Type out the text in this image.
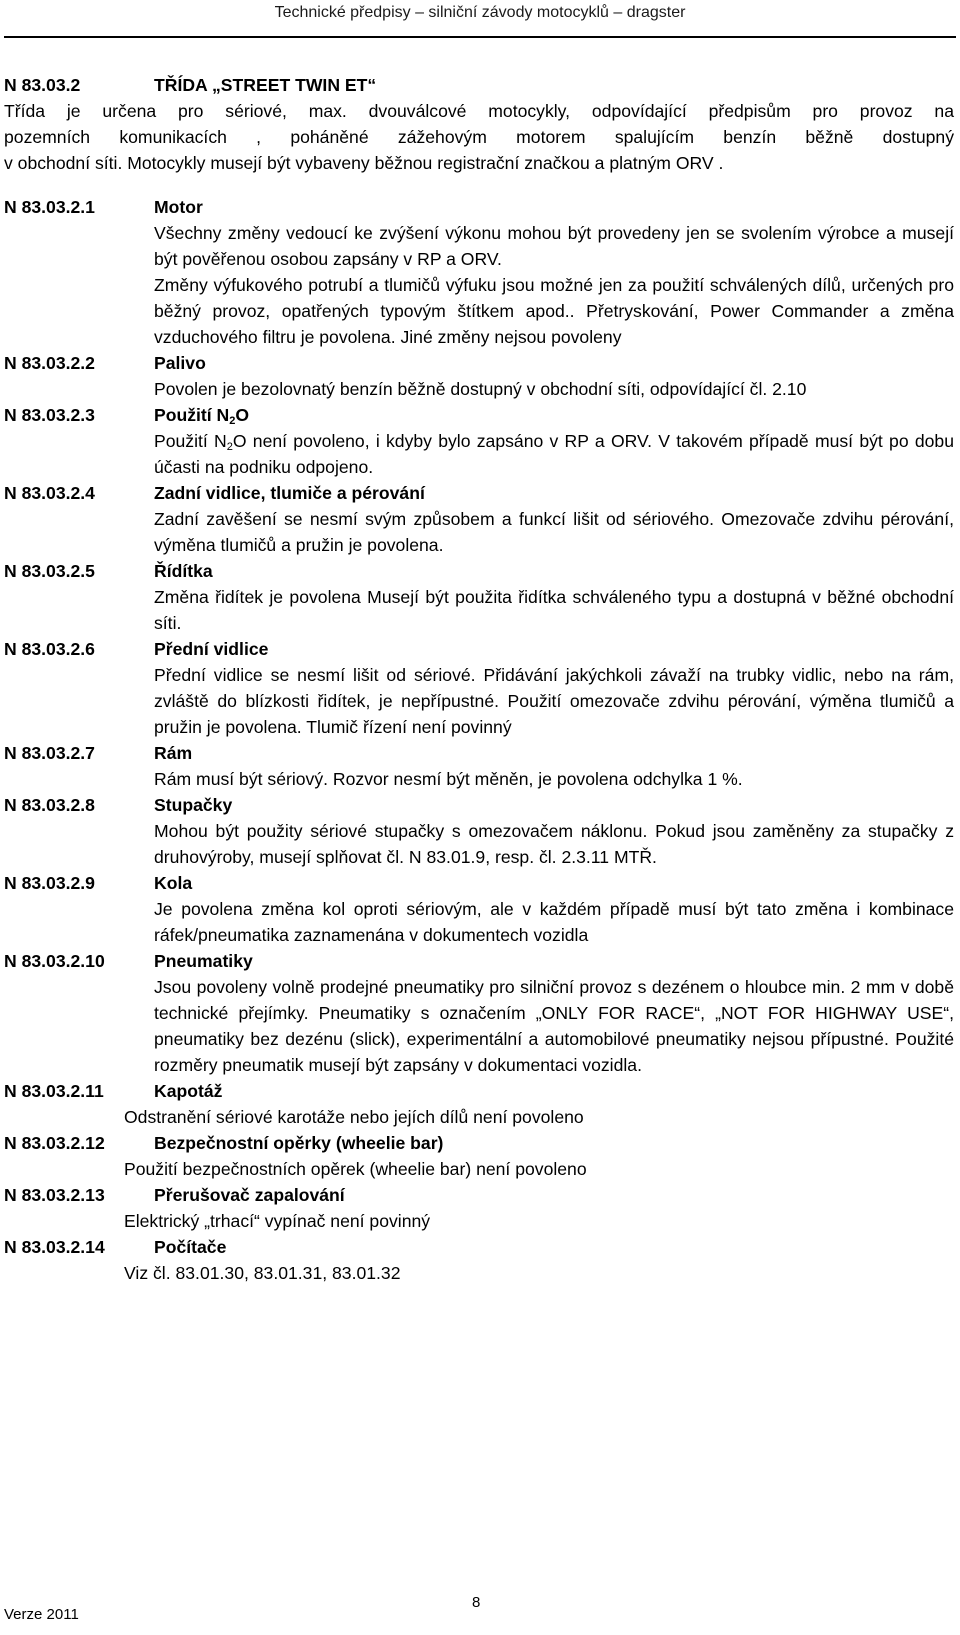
Technické předpisy – silniční závody motocyklů – dragster
N 83.03.2	TŘÍDA „STREET TWIN ET“

Třída je určena pro sériové, max. dvouválcové motocykly, odpovídající předpisům pro provoz na

pozemních komunikacích , poháněné zážehovým motorem spalujícím benzín běžně dostupný

v obchodní síti. Motocykly musejí být vybaveny běžnou registrační značkou a platným ORV .

N 83.03.2.1	Motor

Všechny změny vedoucí ke zvýšení výkonu mohou být provedeny jen se svolením výrobce a musejí být pověřenou osobou zapsány v RP a ORV.

Změny výfukového potrubí a tlumičů výfuku jsou možné jen za použití schválených dílů, určených pro běžný provoz, opatřených typovým štítkem apod.. Přetryskování, Power Commander a změna vzduchového filtru je povolena. Jiné změny nejsou povoleny

N 83.03.2.2	Palivo

Povolen je bezolovnatý benzín běžně dostupný v obchodní síti, odpovídající čl. 2.10

N 83.03.2.3	Použití $N_2O$

Použití $N_2O$ není povoleno, i kdyby bylo zapsáno v RP a ORV. V takovém případě musí být po dobu účasti na podniku odpojeno.

N 83.03.2.4	Zadní vidlice, tlumiče a pérování

Zadní zavěšení se nesmí svým způsobem a funkcí lišit od sériového. Omezovače zdvihu pérování, výměna tlumičů a pružin je povolena.

N 83.03.2.5	Řídítka

Změna řidítek je povolena Musejí být použita řidítka schváleného typu a dostupná v běžné obchodní síti.

N 83.03.2.6	Přední vidlice

Přední vidlice se nesmí lišit od sériové. Přidávání jakýchkoli závaží na trubky vidlic, nebo na rám, zvláště do blízkosti řidítek, je nepřípustné. Použití omezovače zdvihu pérování, výměna tlumičů a pružin je povolena. Tlumič řízení není povinný

N 83.03.2.7	Rám

Rám musí být sériový. Rozvor nesmí být měněn, je povolena odchylka 1 %.

N 83.03.2.8	Stupačky

Mohou být použity sériové stupačky s omezovačem náklonu. Pokud jsou zaměněny za stupačky z druhovýroby, musejí splňovat čl. N 83.01.9, resp. čl. 2.3.11 MTŘ.

N 83.03.2.9	Kola

Je povolena změna kol oproti sériovým, ale v každém případě musí být tato změna i kombinace ráfek/pneumatika zaznamenána v dokumentech vozidla

N 83.03.2.10	Pneumatiky

Jsou povoleny volně prodejné pneumatiky pro silniční provoz s dezénem o hloubce min. 2 mm v době technické přejímky. Pneumatiky s označením „ONLY FOR RACE“, „NOT FOR HIGHWAY USE“, pneumatiky bez dezénu (slick), experimentální a automobilové pneumatiky nejsou přípustné. Použité rozměry pneumatik musejí být zapsány v dokumentaci vozidla.

N 83.03.2.11	Kapotáž

Odstranění sériové karotáže nebo jejích dílů není povoleno

N 83.03.2.12	Bezpečnostní opěrky (wheelie bar)

Použití bezpečnostních opěrek (wheelie bar) není povoleno

N 83.03.2.13	Přerušovač zapalování

Elektrický „trhací“ vypínač není povinný

N 83.03.2.14	Počítače

Viz čl. 83.01.30, 83.01.31, 83.01.32

8
Verze 2011
